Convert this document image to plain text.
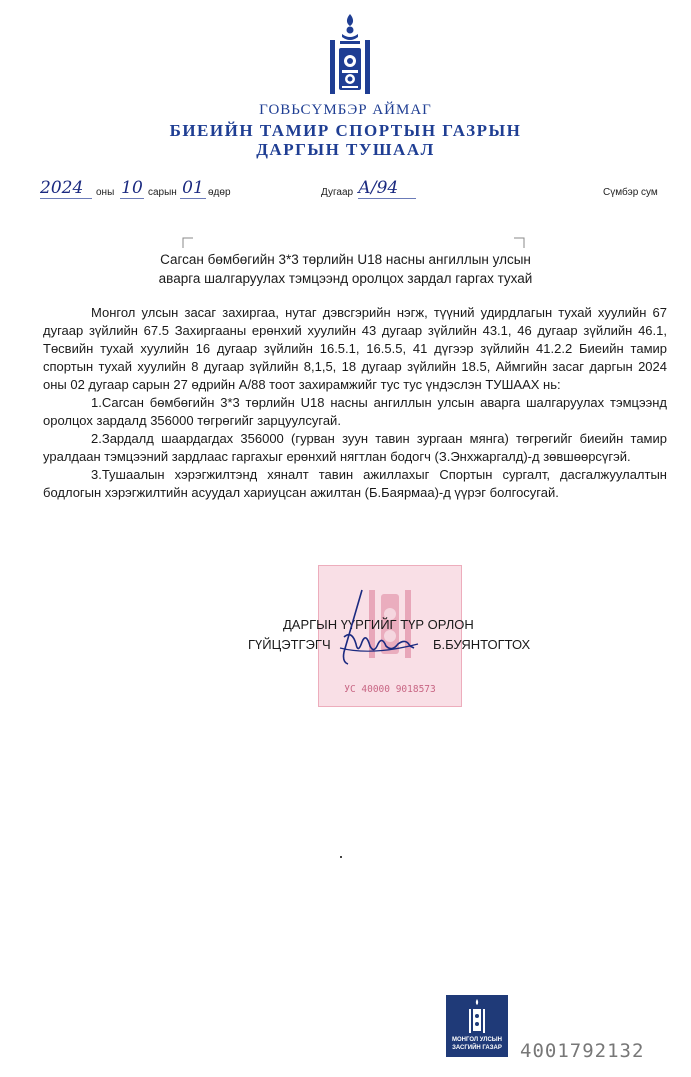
ГОВЬСҮМБЭР АЙМАГ
БИЕИЙН ТАМИР СПОРТЫН ГАЗРЫН
ДАРГЫН ТУШААЛ
2024	оны 10 сарын 01 өдөр	Дугаар А/94	Сүмбэр сум
Сагсан бөмбөгийн 3*3 төрлийн U18 насны ангиллын улсын
аварга шалгаруулах тэмцээнд оролцох зардал гаргах тухай

Монгол улсын засаг захиргаа, нутаг дэвсгэрийн нэгж, түүний удирдлагын тухай хуулийн 67 дугаар зүйлийн 67.5 Захиргааны ерөнхий хуулийн 43 дугаар зүйлийн 43.1, 46 дугаар зүйлийн 46.1, Төсвийн тухай хуулийн 16 дугаар зүйлийн 16.5.1, 16.5.5, 41 дүгээр зүйлийн 41.2.2 Биеийн тамир спортын тухай хуулийн 8 дугаар зүйлийн 8,1,5, 18 дугаар зүйлийн 18.5, Аймгийн засаг даргын 2024 оны 02 дугаар сарын 27 өдрийн А/88 тоот захирамжийг тус тус үндэслэн ТУШААХ нь:

1.Сагсан бөмбөгийн 3*3 төрлийн U18 насны ангиллын улсын аварга шалгаруулах тэмцээнд оролцох зардалд 356000 төгрөгийг зарцуулсугай.

2.Зардалд шаардагдах 356000 (гурван зуун тавин зургаан мянга) төгрөгийг биеийн тамир уралдаан тэмцээний зардлаас гаргахыг ерөнхий нягтлан бодогч (З.Энхжаргалд)-д зөвшөөрсүгэй.

3.Тушаалын хэрэгжилтэнд хяналт тавин ажиллахыг Спортын сургалт, дасгалжуулалтын бодлогын хэрэгжилтийн асуудал хариуцсан ажилтан (Б.Баярмаа)-д үүрэг болгосугай.

УС 40000 9018573
ДАРГЫН ҮҮРГИЙГ ТҮР ОРЛОН
ГҮЙЦЭТГЭГЧ	Б.БУЯНТОГТОХ
МОНГОЛ УЛСЫН
ЗАСГИЙН ГАЗАР 4001792132
